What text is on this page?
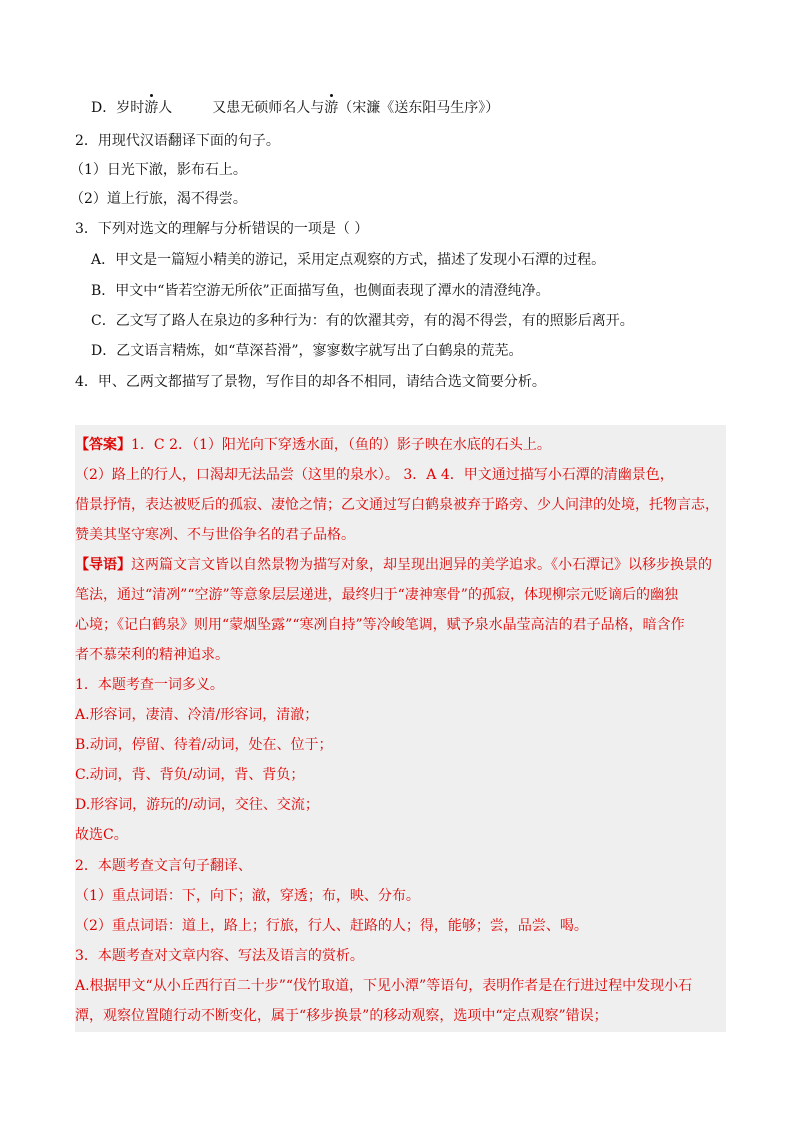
D．岁时游人	又患无硕师名人与游（宋濂《送东阳马生序》）
2．用现代汉语翻译下面的句子。
（1）日光下澈，影布石上。
（2）道上行旅，渴不得尝。
3．下列对选文的理解与分析错误的一项是（ ）
A．甲文是一篇短小精美的游记，采用定点观察的方式，描述了发现小石潭的过程。
B．甲文中“皆若空游无所依”正面描写鱼，也侧面表现了潭水的清澄纯净。
C．乙文写了路人在泉边的多种行为：有的饮濯其旁，有的渴不得尝，有的照影后离开。
D．乙文语言精炼，如“草深苔滑”，寥寥数字就写出了白鹤泉的荒芜。
4．甲、乙两文都描写了景物，写作目的却各不相同，请结合选文简要分析。
【答案】1．C 2．（1）阳光向下穿透水面，（鱼的）影子映在水底的石头上。
（2）路上的行人，口渴却无法品尝（这里的泉水）。 3．A 4．甲文通过描写小石潭的清幽景色，
借景抒情，表达被贬后的孤寂、凄怆之情；乙文通过写白鹤泉被弃于路旁、少人问津的处境，托物言志，
赞美其坚守寒冽、不与世俗争名的君子品格。
【导语】这两篇文言文皆以自然景物为描写对象，却呈现出迥异的美学追求。《小石潭记》以移步换景的
笔法，通过“清冽”“空游”等意象层层递进，最终归于“凄神寒骨”的孤寂，体现柳宗元贬谪后的幽独
心境；《记白鹤泉》则用“蒙烟坠露”“寒冽自持”等冷峻笔调，赋予泉水晶莹高洁的君子品格，暗含作
者不慕荣利的精神追求。
1．本题考查一词多义。
A.形容词，凄清、冷清/形容词，清澈；
B.动词，停留、待着/动词，处在、位于；
C.动词，背、背负/动词，背、背负；
D.形容词，游玩的/动词，交往、交流；
故选C。
2．本题考查文言句子翻译、
（1）重点词语：下，向下；澈，穿透；布，映、分布。
（2）重点词语：道上，路上；行旅，行人、赶路的人；得，能够；尝，品尝、喝。
3．本题考查对文章内容、写法及语言的赏析。
A.根据甲文“从小丘西行百二十步”“伐竹取道，下见小潭”等语句，表明作者是在行进过程中发现小石
潭，观察位置随行动不断变化，属于“移步换景”的移动观察，选项中“定点观察”错误；
